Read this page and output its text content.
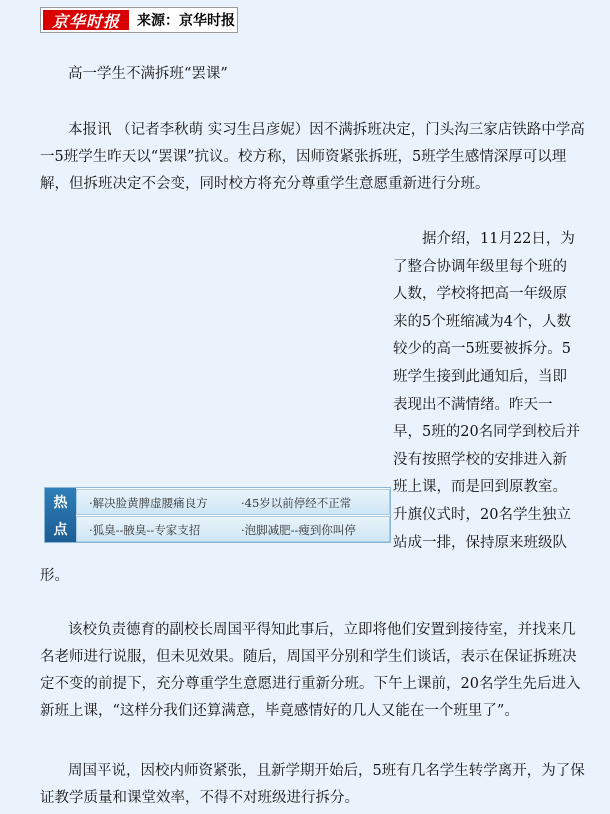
京华时报	来源：京华时报

高一学生不满拆班“罢课”

本报讯 （记者李秋萌 实习生吕彦妮）因不满拆班决定，门头沟三家店铁路中学高一5班学生昨天以“罢课”抗议。校方称，因师资紧张拆班，5班学生感情深厚可以理解，但拆班决定不会变，同时校方将充分尊重学生意愿重新进行分班。

　　据介绍，11月22日，为
了整合协调年级里每个班的
人数，学校将把高一年级原
来的5个班缩减为4个，人数
较少的高一5班要被拆分。5
班学生接到此通知后，当即
表现出不满情绪。昨天一
早，5班的20名同学到校后并
没有按照学校的安排进入新
班上课，而是回到原教室。
升旗仪式时，20名学生独立
站成一排，保持原来班级队
热
点
·解决脸黄脾虚腰痛良方	·45岁以前停经不正常
·狐臭--腋臭--专家支招	·泡脚减肥--瘦到你叫停

形。

该校负责德育的副校长周国平得知此事后，立即将他们安置到接待室，并找来几名老师进行说服，但未见效果。随后，周国平分别和学生们谈话，表示在保证拆班决定不变的前提下，充分尊重学生意愿进行重新分班。下午上课前，20名学生先后进入新班上课，“这样分我们还算满意，毕竟感情好的几人又能在一个班里了”。

周国平说，因校内师资紧张，且新学期开始后，5班有几名学生转学离开，为了保证教学质量和课堂效率，不得不对班级进行拆分。
